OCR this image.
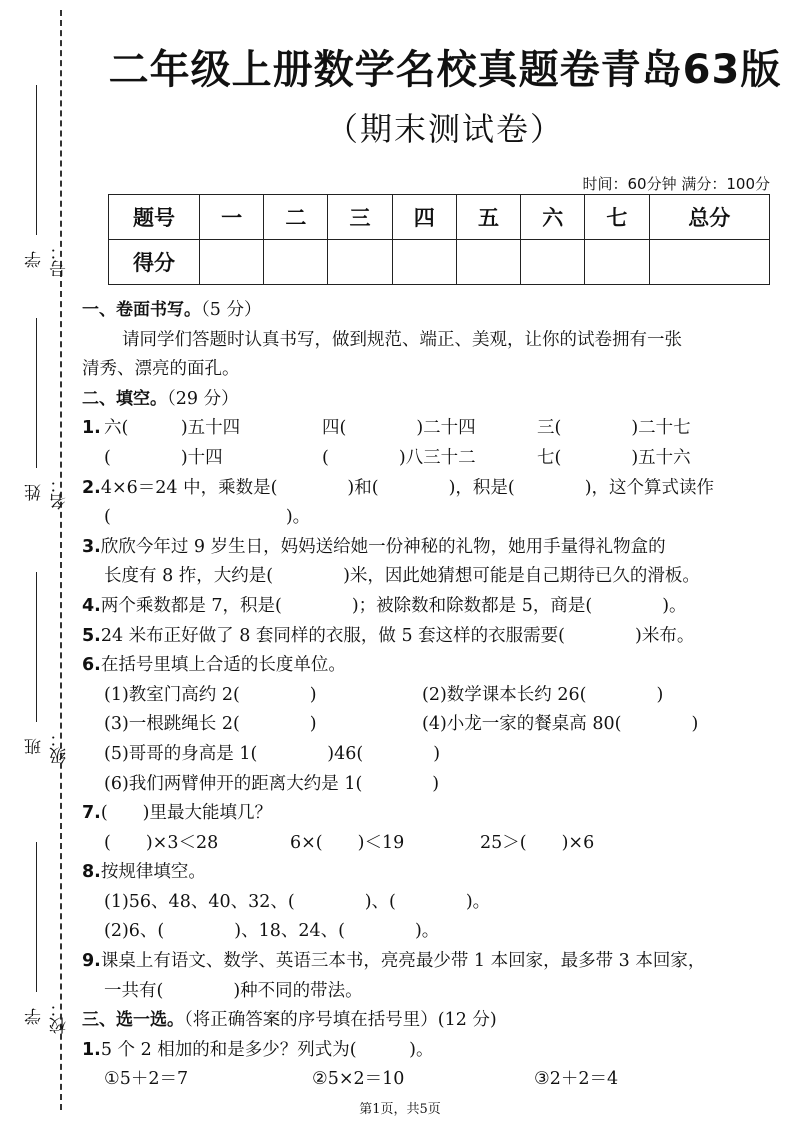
学号：
姓名：
班级：
学校：
二年级上册数学名校真题卷青岛63版
（期末测试卷）
时间：60分钟 满分：100分
题号	一	二	三	四	五	六	七	总分
得分								
一、卷面书写。（5 分）
请同学们答题时认真书写，做到规范、端正、美观，让你的试卷拥有一张
清秀、漂亮的面孔。
二、填空。（29 分）
1. 六(　　　)五十四	四(　　　　)二十四	三(　　　　)二十七
(　　　　)十四	(　　　　)八三十二	七(　　　　)五十六
2.4×6＝24 中，乘数是(　　　　)和(　　　　)，积是(　　　　)，这个算式读作
(　　　　　　　　　　)。
3.欣欣今年过 9 岁生日，妈妈送给她一份神秘的礼物，她用手量得礼物盒的
长度有 8 拃，大约是(　　　　)米，因此她猜想可能是自己期待已久的滑板。
4.两个乘数都是 7，积是(　　　　)；被除数和除数都是 5，商是(　　　　)。
5.24 米布正好做了 8 套同样的衣服，做 5 套这样的衣服需要(　　　　)米布。
6.在括号里填上合适的长度单位。
(1)教室门高约 2(　　　　)	(2)数学课本长约 26(　　　　)
(3)一根跳绳长 2(　　　　)	(4)小龙一家的餐桌高 80(　　　　)
(5)哥哥的身高是 1(　　　　)46(　　　　)
(6)我们两臂伸开的距离大约是 1(　　　　)
7.(　　)里最大能填几？
(　　)×3＜28	6×(　　)＜19	25＞(　　)×6
8.按规律填空。
(1)56、48、40、32、(　　　　)、(　　　　)。
(2)6、(　　　　)、18、24、(　　　　)。
9.课桌上有语文、数学、英语三本书，亮亮最少带 1 本回家，最多带 3 本回家，
一共有(　　　　)种不同的带法。
三、选一选。（将正确答案的序号填在括号里）(12 分)
1.5 个 2 相加的和是多少？列式为(　　　)。
①5＋2＝7	②5×2＝10	③2＋2＝4
第1页，共5页
